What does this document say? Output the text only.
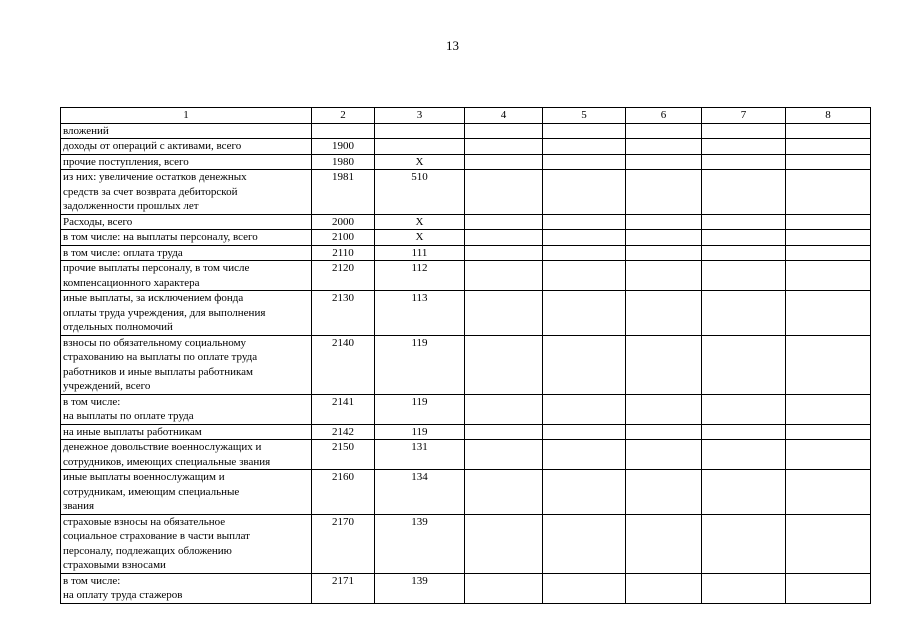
13
1	2	3	4	5	6	7	8
вложений							
доходы от операций с активами, всего	1900						
прочие поступления, всего	1980	X					
из них: увеличение остатков денежных
средств за счет возврата дебиторской
задолженности прошлых лет	1981	510					
Расходы, всего	2000	X					
в том числе: на выплаты персоналу, всего	2100	X					
в том числе: оплата труда	2110	111					
прочие выплаты персоналу, в том числе
компенсационного характера	2120	112					
иные выплаты, за исключением фонда
оплаты труда учреждения, для выполнения
отдельных полномочий	2130	113					
взносы по обязательному социальному
страхованию на выплаты по оплате труда
работников и иные выплаты работникам
учреждений, всего	2140	119					
в том числе:
на выплаты по оплате труда	2141	119					
на иные выплаты работникам	2142	119					
денежное довольствие военнослужащих и
сотрудников, имеющих специальные звания	2150	131					
иные выплаты военнослужащим и
сотрудникам, имеющим специальные
звания	2160	134					
страховые взносы на обязательное
социальное страхование в части выплат
персоналу, подлежащих обложению
страховыми взносами	2170	139					
в том числе:
на оплату труда стажеров	2171	139					
